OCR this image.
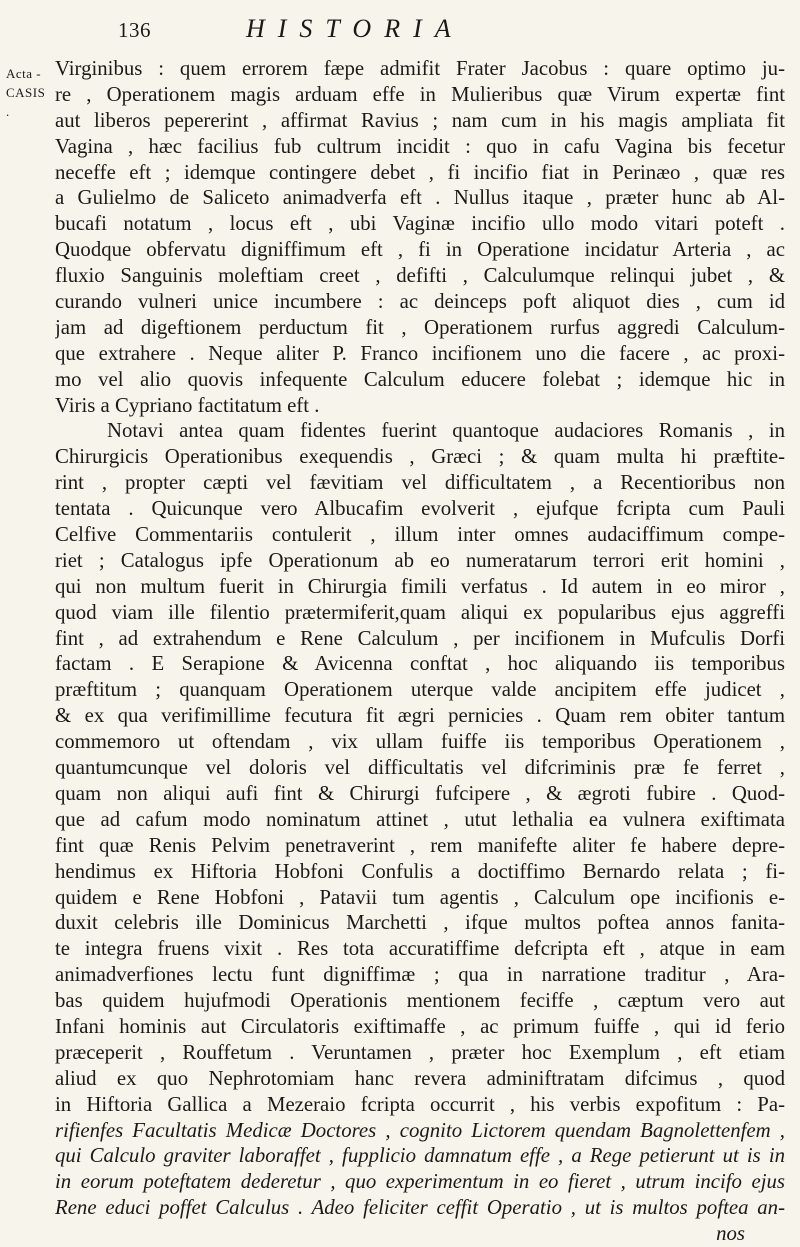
136	HISTORIA
Acta -
CASIS .
Virginibus : quem errorem fæpe admifit Frater Jacobus : quare optimo ju-
re , Operationem magis arduam effe in Mulieribus quæ Virum expertæ fint
aut liberos pepererint , affirmat Ravius ; nam cum in his magis ampliata fit
Vagina , hæc facilius fub cultrum incidit : quo in cafu Vagina bis fecetur
neceffe eft ; idemque contingere debet , fi incifio fiat in Perinæo , quæ res
a Gulielmo de Saliceto animadverfa eft . Nullus itaque , præter hunc ab Al-
bucafi notatum , locus eft , ubi Vaginæ incifio ullo modo vitari poteft .
Quodque obfervatu digniffimum eft , fi in Operatione incidatur Arteria , ac
fluxio Sanguinis moleftiam creet , defifti , Calculumque relinqui jubet , &
curando vulneri unice incumbere : ac deinceps poft aliquot dies , cum id
jam ad digeftionem perductum fit , Operationem rurfus aggredi Calculum-
que extrahere . Neque aliter P. Franco incifionem uno die facere , ac proxi-
mo vel alio quovis infequente Calculum educere folebat ; idemque hic in
Viris a Cypriano factitatum eft .
Notavi antea quam fidentes fuerint quantoque audaciores Romanis , in
Chirurgicis Operationibus exequendis , Græci ; & quam multa hi præftite-
rint , propter cæpti vel fævitiam vel difficultatem , a Recentioribus non
tentata . Quicunque vero Albucafim evolverit , ejufque fcripta cum Pauli
Celfive Commentariis contulerit , illum inter omnes audaciffimum compe-
riet ; Catalogus ipfe Operationum ab eo numeratarum terrori erit homini ,
qui non multum fuerit in Chirurgia fimili verfatus . Id autem in eo miror ,
quod viam ille filentio prætermiferit,quam aliqui ex popularibus ejus aggreffi
fint , ad extrahendum e Rene Calculum , per incifionem in Mufculis Dorfi
factam . E Serapione & Avicenna conftat , hoc aliquando iis temporibus
præftitum ; quanquam Operationem uterque valde ancipitem effe judicet ,
& ex qua verifimillime fecutura fit ægri pernicies . Quam rem obiter tantum
commemoro ut oftendam , vix ullam fuiffe iis temporibus Operationem ,
quantumcunque vel doloris vel difficultatis vel difcriminis præ fe ferret ,
quam non aliqui aufi fint & Chirurgi fufcipere , & ægroti fubire . Quod-
que ad cafum modo nominatum attinet , utut lethalia ea vulnera exiftimata
fint quæ Renis Pelvim penetraverint , rem manifefte aliter fe habere depre-
hendimus ex Hiftoria Hobfoni Confulis a doctiffimo Bernardo relata ; fi-
quidem e Rene Hobfoni , Patavii tum agentis , Calculum ope incifionis e-
duxit celebris ille Dominicus Marchetti , ifque multos poftea annos fanita-
te integra fruens vixit . Res tota accuratiffime defcripta eft , atque in eam
animadverfiones lectu funt digniffimæ ; qua in narratione traditur , Ara-
bas quidem hujufmodi Operationis mentionem feciffe , cæptum vero aut
Infani hominis aut Circulatoris exiftimaffe , ac primum fuiffe , qui id ferio
præceperit , Rouffetum . Veruntamen , præter hoc Exemplum , eft etiam
aliud ex quo Nephrotomiam hanc revera adminiftratam difcimus , quod
in Hiftoria Gallica a Mezeraio fcripta occurrit , his verbis expofitum : Pa-
rifienfes Facultatis Medicæ Doctores , cognito Lictorem quendam Bagnolettenfem ,
qui Calculo graviter laboraffet , fupplicio damnatum effe , a Rege petierunt ut is in
in eorum poteftatem dederetur , quo experimentum in eo fieret , utrum incifo ejus
Rene educi poffet Calculus . Adeo feliciter ceffit Operatio , ut is multos poftea an-
nos
